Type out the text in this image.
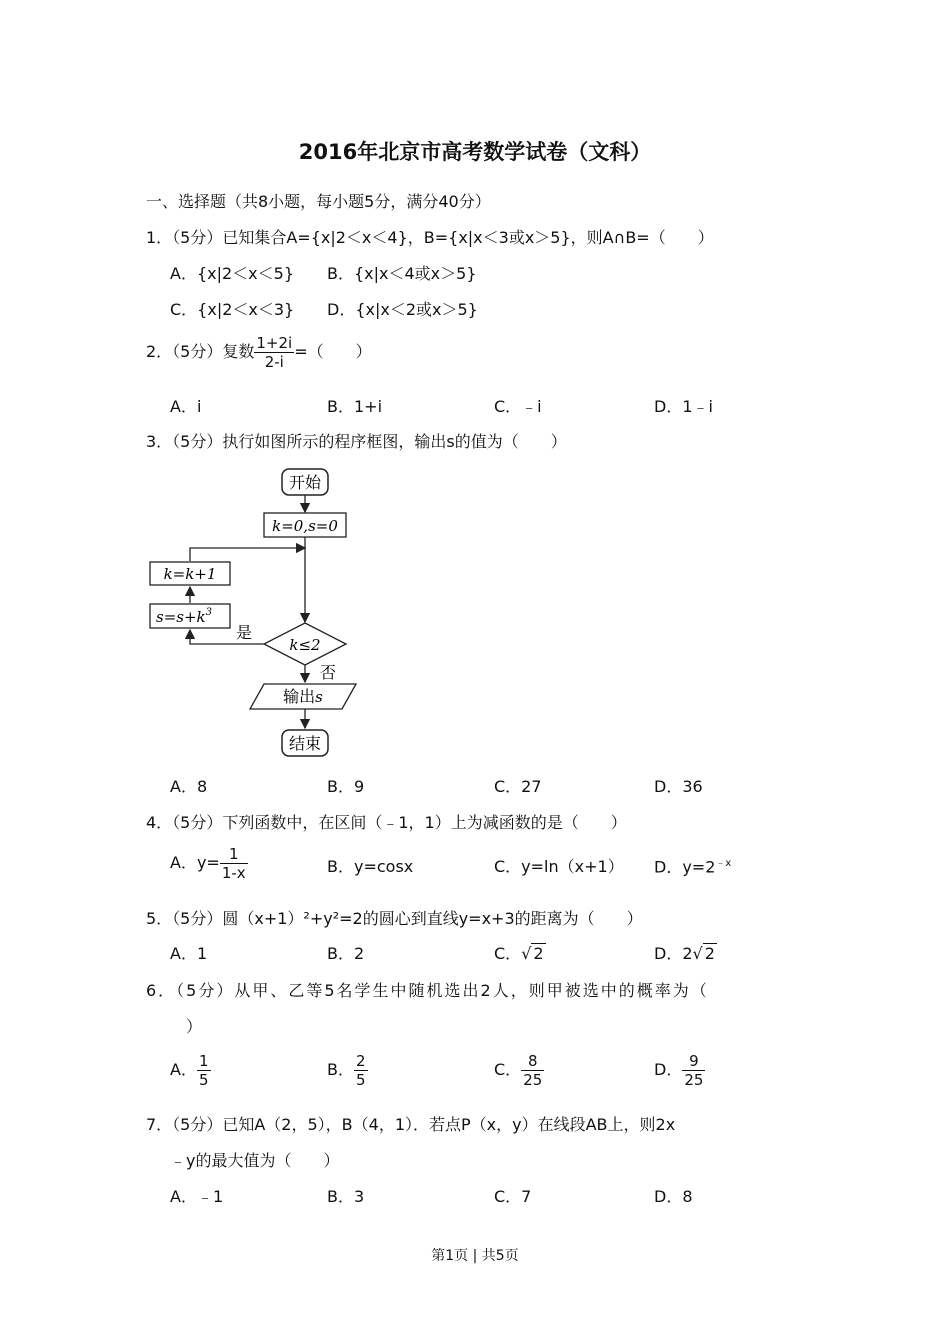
2016年北京市高考数学试卷（文科）
一、选择题（共8小题，每小题5分，满分40分）
1．（5分）已知集合A={x|2＜x＜4}，B={x|x＜3或x＞5}，则A∩B=（　　）
A．{x|2＜x＜5} B．{x|x＜4或x＞5}
C．{x|2＜x＜3} D．{x|x＜2或x＞5}
2．（5分）复数 $\frac{1+2i}{2-i}$ =（　　）
A．i	B．1+i	C．﹣i	D．1﹣i
3．（5分）执行如图所示的程序框图，输出s的值为（　　）
开始
k=0,s=0
k=k+1
$s=s+k^3$
k≤2
是
否
输出s
结束
A．8	B．9	C．27	D．36
4．（5分）下列函数中，在区间（﹣1，1）上为减函数的是（　　）
A．$y= \frac{1}{1-x}$	B．y=cosx	C．y=ln（x+1） D．$y=2^{﹣x}$
5．（5分）圆（x+1）²+y²=2的圆心到直线y=x+3的距离为（　　）
A．1	B．2	C．√ 2	D．2√ 2
6．（5分）从甲、乙等5名学生中随机选出2人，则甲被选中的概率为（
）
A． $\frac{1}{5}$	B． $\frac{2}{5}$	C． $\frac{8}{25}$	D． $\frac{9}{25}$
7．（5分）已知A（2，5），B（4，1）．若点P（x，y）在线段AB上，则2x
﹣y的最大值为（　　）
A．﹣1	B．3	C．7	D．8
第1页 | 共5页
